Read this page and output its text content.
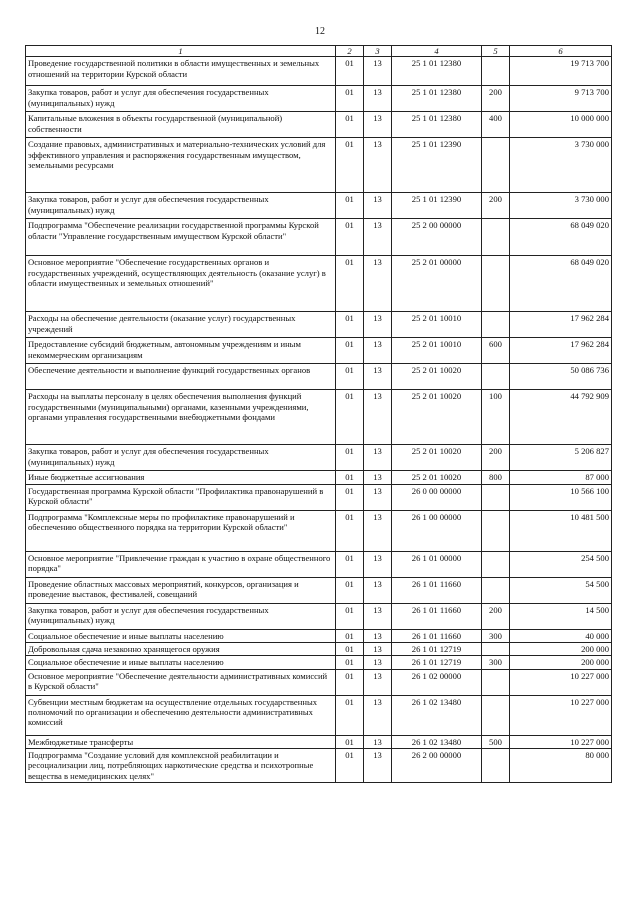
12
1	2	3	4	5	6
Проведение государственной политики в области имущественных и земельных отношений на территории Курской области	01	13	25 1 01 12380		19 713 700
Закупка товаров, работ и услуг для обеспечения государственных (муниципальных) нужд	01	13	25 1 01 12380	200	9 713 700
Капитальные вложения в объекты государственной (муниципальной) собственности	01	13	25 1 01 12380	400	10 000 000
Создание правовых, административных и материально-технических условий для эффективного управления и распоряжения государственным имуществом, земельными ресурсами	01	13	25 1 01 12390		3 730 000
Закупка товаров, работ и услуг для обеспечения государственных (муниципальных) нужд	01	13	25 1 01 12390	200	3 730 000
Подпрограмма "Обеспечение реализации государственной программы Курской области "Управление государственным имуществом Курской области"	01	13	25 2 00 00000		68 049 020
Основное мероприятие "Обеспечение государственных органов и государственных учреждений, осуществляющих деятельность (оказание услуг) в области имущественных и земельных отношений"	01	13	25 2 01 00000		68 049 020
Расходы на обеспечение деятельности (оказание услуг) государственных учреждений	01	13	25 2 01 10010		17 962 284
Предоставление субсидий бюджетным, автономным учреждениям и иным некоммерческим организациям	01	13	25 2 01 10010	600	17 962 284
Обеспечение деятельности и выполнение функций государственных органов	01	13	25 2 01 10020		50 086 736
Расходы на выплаты персоналу в целях обеспечения выполнения функций государственными (муниципальными) органами, казенными учреждениями, органами управления государственными внебюджетными фондами	01	13	25 2 01 10020	100	44 792 909
Закупка товаров, работ и услуг для обеспечения государственных (муниципальных) нужд	01	13	25 2 01 10020	200	5 206 827
Иные бюджетные ассигнования	01	13	25 2 01 10020	800	87 000
Государственная программа Курской области "Профилактика правонарушений в Курской области"	01	13	26 0 00 00000		10 566 100
Подпрограмма "Комплексные меры по профилактике правонарушений и обеспечению общественного порядка на территории Курской области"	01	13	26 1 00 00000		10 481 500
Основное мероприятие "Привлечение граждан к участию в охране общественного порядка"	01	13	26 1 01 00000		254 500
Проведение областных массовых мероприятий, конкурсов, организация и проведение выставок, фестивалей, совещаний	01	13	26 1 01 11660		54 500
Закупка товаров, работ и услуг для обеспечения государственных (муниципальных) нужд	01	13	26 1 01 11660	200	14 500
Социальное обеспечение и иные выплаты населению	01	13	26 1 01 11660	300	40 000
Добровольная сдача незаконно хранящегося оружия	01	13	26 1 01 12719		200 000
Социальное обеспечение и иные выплаты населению	01	13	26 1 01 12719	300	200 000
Основное мероприятие "Обеспечение деятельности административных комиссий в Курской области"	01	13	26 1 02 00000		10 227 000
Субвенции местным бюджетам на осуществление отдельных государственных полномочий по организации и обеспечению деятельности административных комиссий	01	13	26 1 02 13480		10 227 000
Межбюджетные трансферты	01	13	26 1 02 13480	500	10 227 000
Подпрограмма "Создание условий для комплексной реабилитации и ресоциализации лиц, потребляющих наркотические средства и психотропные вещества в немедицинских целях"	01	13	26 2 00 00000		80 000
